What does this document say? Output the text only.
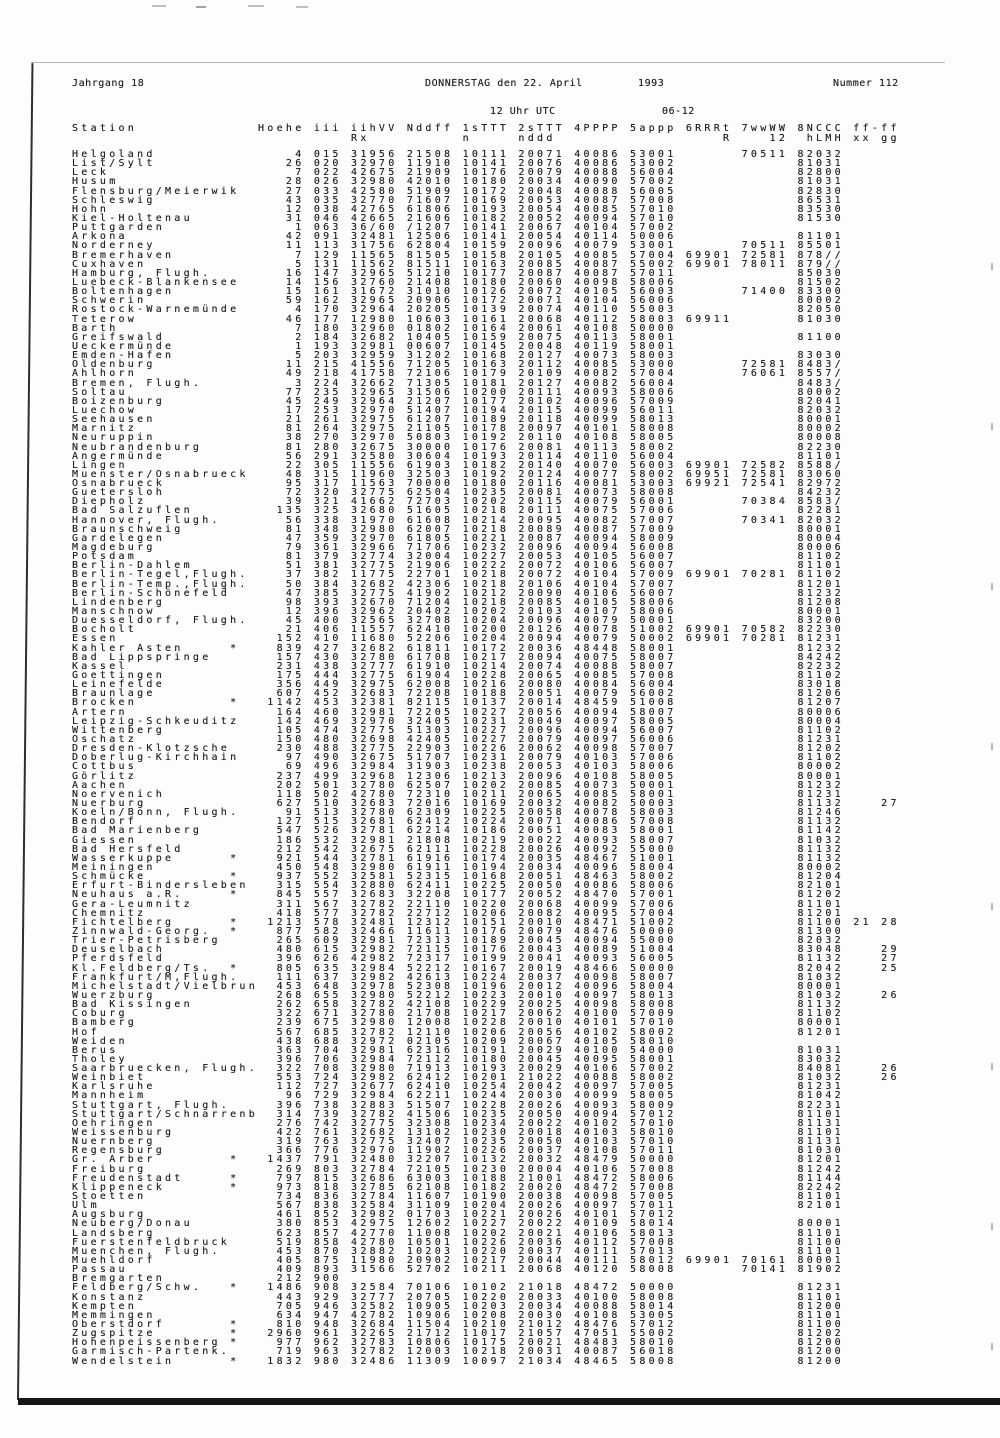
Jahrgang 18	DONNERSTAG den 22. April	1993	Nummer 112
12 Uhr UTC	06-12
Station             Hoehe iii iihVV Nddff 1sTTT 2sTTT 4PPPP 5appp 6RRRt 7wwWW 8NCCC ff-ff
Rx          n     nddd                  R    12  hLMH xx gg
Helgoland               4 015 31956 21508 10111 20071 40086 53001       70511 82032
List/Sylt              26 020 32970 11910 10141 20076 40086 53002             81031
Leck                    7 022 42675 21909 10176 20079 40088 56004             82800
Husum                  28 026 32980 42010 10180 20034 40090 57002             81031
Flensburg/Meierwik     27 033 42580 51909 10172 20048 40088 56005             82830
Schleswig              43 035 32770 71607 10169 20053 40087 57008             86531
Hohn                   12 038 42765 61806 10193 20054 40085 57010             83530
Kiel-Holtenau          31 046 42665 21606 10182 20052 40094 57010             81530
Puttgarden              1 063 36/60 /1207 10141 20067 40104 57002
Arkona                 42 091 32481 12506 10141 20054 40114 50006             81101
Norderney              11 113 31756 62804 10159 20096 40079 53001       70511 85501
Bremerhaven             7 129 11565 81505 10158 20105 40085 57004 69901 72581 878//
Cuxhaven                5 131 11562 81511 10163 20085 40087 55002 69901 78011 879//
Hamburg, Flugh.        16 147 32965 51210 10177 20087 40087 57011             85030
Luebeck-Blankensee     14 156 32760 21408 10180 20060 40098 58006             81502
Boltenhagen            15 161 31672 31010 10126 20072 40105 56003       71400 83300
Schwerin               59 162 32965 20906 10172 20071 40104 56006             80002
Rostock-Warnemünde      4 170 32964 20205 10139 20074 40110 55003             82050
Teterow                46 177 12980 10603 10161 20068 40112 58003 69911       81030
Barth                   7 180 32960 01802 10164 20061 40108 50000
Greifswald              2 184 32682 10405 10159 20075 40113 58001             81100
Ueckermünde             1 193 32981 00607 10145 20048 40119 58001
Emden-Hafen             5 203 32959 31202 10168 20127 40073 58003             83030
Oldenburg              11 215 41556 71205 10163 20112 40085 53000       72581 8483/
Ahlhorn                49 218 41758 72106 10179 20109 40082 57004       76061 8557/
Bremen, Flugh.          3 224 32662 71305 10181 20127 40082 56004             8483/
Soltau                 77 235 32965 31506 10200 20111 40093 58006             80002
Boizenburg             45 249 32964 21207 10177 20102 40096 57009             82041
Luechow                17 253 32970 51407 10194 20115 40099 56011             82032
Seehausen              21 261 32975 61207 10189 20118 40099 58013             80001
Marnitz                81 264 32975 21105 10178 20097 40101 58008             80002
Neuruppin              38 270 32970 50803 10192 20110 40108 58005             80008
Neubrandenburg         81 280 32675 30000 10176 20081 40113 58002             82230
Angermünde             56 291 32580 30604 10193 20114 40110 56004             81101
Lingen                 22 305 11556 61903 10182 20140 40070 56003 69901 72582 8588/
Muenster/Osnabrueck    48 315 11960 32503 10192 20124 40077 58002 69951 72581 83060
Osnabrueck             95 317 11563 70000 10180 20116 40081 53003 69921 72541 82972
Guetersloh             72 320 32775 62504 10235 20081 40073 58008             84232
Diepholz               39 321 41662 72703 10202 20115 40079 56001       70384 8583/
Bad Salzuflen         135 325 32680 51605 10218 20111 40075 57006             82281
Hannover, Flugh.       56 338 31970 61608 10214 20095 40082 57007       70341 82032
Braunschweig           81 348 32980 62007 10218 20089 40087 57009             80001
Gardelegen             47 359 32970 61805 10221 20087 40094 58009             80004
Magdeburg              79 361 32966 71706 10232 20096 40094 56008             80006
Potsdam                81 379 32774 32004 10227 20053 40105 56007             81102
Berlin-Dahlem          51 381 32775 21906 10222 20072 40106 56007             81101
Berlin-Tegel,Flugh.    37 382 11775 22701 10218 20072 40104 57009 69901 70281 81102
Berlin-Temp.,Flugh.    50 384 32682 42306 10218 20106 40104 57007             81201
Berlin-Schönefeld      47 385 32775 41902 10212 20090 40106 56007             81232
Lindenberg             98 393 32670 71204 10218 20085 40105 58006             81208
Manschnow              12 396 32962 20402 10202 20103 40107 58006             80001
Duesseldorf, Flugh.    45 400 32565 32708 10204 20096 40079 50001             83200
Bocholt                21 406 11557 62410 10200 20126 40078 51002 69901 70582 82230
Essen                 152 410 11680 52206 10204 20094 40079 50002 69901 70281 81231
Kahler Asten     *    839 427 32682 61811 10172 20036 48448 58001             81232
Bad Lippspringe       157 430 32780 61708 10217 20094 40075 58007             84242
Kassel                231 438 32777 61910 10214 20074 40088 58007             82232
Goettingen            175 444 32775 61904 10228 20065 40085 57008             81102
Leinefelde            356 449 32975 62008 10216 20080 40084 56004             83018
Braunlage             607 452 32683 72208 10188 20051 40079 56002             81206
Brocken          *   1142 453 32381 82115 10137 20014 48459 51008             81207
Artern                164 460 32981 72205 10227 20056 40094 58007             80006
Leipzig-Schkeuditz    142 469 32970 32405 10231 20049 40097 58005             80004
Wittenberg            105 474 32775 51303 10227 20096 40094 56007             81102
Oschatz               150 480 32698 42405 10227 20079 40097 56006             81231
Dresden-Klotzsche     230 488 32775 22903 10226 20062 40098 57007             81202
Doberlug-Kirchhain     97 490 32675 51707 10231 20079 40103 57006             81102
Cottbus                69 496 32984 31903 10238 20053 40103 58006             80002
Görlitz               237 499 32968 12306 10213 20096 40108 58005             80001
Aachen                202 501 32780 62507 10202 20085 40073 50001             81232
Noervenich            118 502 42780 72310 10211 20065 40085 58001             81231
Nuerburg              627 510 32683 72016 10169 20032 40082 50003             81132    27
Koeln/Bonn, Flugh.     91 513 32780 62309 10225 20058 40078 58003             81246
Bendorf               127 515 32681 62412 10224 20071 40086 57008             81132
Bad Marienberg        547 526 32781 62214 10186 20051 40083 58001             81142
Giessen               186 532 32981 21808 10219 20022 40093 58007             81032
Bad Hersfeld          212 542 32675 62111 10228 20026 40092 55000             81132
Wasserkuppe      *    921 544 32781 61916 10174 20035 48467 51001             81132
Meiningen             450 548 32980 61911 10194 20034 40096 58004             80002
Schmücke         *    937 552 32581 52315 10168 20051 48463 58002             81204
Erfurt-Bindersleben   315 554 32880 62411 10225 20050 40086 58006             82101
Neuhaus a.R.     *    845 557 32683 32208 10177 20052 48470 57001             81202
Gera-Leumnitz         311 567 32782 22110 10220 20068 40099 57006             81101
Chemnitz              418 577 32782 22712 10206 20082 40095 57004             81201
Fichtelberg      *   1213 578 32481 12312 10151 20010 48471 51002             81100 21 28
Zinnwald-Georg.  *    877 582 32466 11611 10176 20079 48476 50000             81300
Trier-Petrisberg      265 609 32981 72313 10189 20045 40094 55000             82032
Deuselbach            480 615 32982 72115 10176 20043 40089 51004             83048    29
Pferdsfeld            396 626 42982 72317 10199 20041 40093 56005             81132    27
Kl.Feldberg/Ts.  *    805 635 32984 52212 10167 20019 48466 50000             82042    25
Frankfurt/M,Flugh.    111 637 32982 42613 10224 20037 40098 58007             81032
Michelstadt/Vielbrun  453 648 32978 52308 10196 20012 40096 58004             80001
Wuerzburg             268 655 32980 52212 10223 20010 40097 58013             81032    26
Bad Kissingen         262 658 32782 42108 10229 20025 40098 58008             81132
Coburg                322 671 32780 21708 10217 20062 40100 57009             81102
Bamberg               239 675 32980 12008 10228 20010 40101 57010             80001
Hof                   567 685 32782 12110 10206 20056 40102 58002             81201
Weiden                438 688 32972 02105 10209 20067 40105 58010
Berus                 363 704 32981 62316 10191 20029 40100 54000             81031
Tholey                396 706 32984 72112 10180 20045 40095 58001             83032
Saarbruecken, Flugh.  322 708 32980 71913 10193 20029 40106 57002             84081    26
Weinbiet              553 724 32982 62412 10201 21022 40088 58002             81032    26
Karlsruhe             112 727 32677 62410 10254 20042 40097 57005             81231
Mannheim               96 729 32984 62211 10244 20030 40099 58005             81042
Stuttgart, Flugh.     396 738 32883 51507 10228 20026 40093 58009             82231
Stuttgart/Schnarrenb  314 739 32782 41506 10235 20050 40094 57012             81101
Oehringen             276 742 32775 32308 10234 20022 40102 57010             81131
Weissenburg           422 761 32682 13102 10230 20018 40103 58010             81101
Nuernberg             319 763 32775 32407 10235 20050 40103 57010             81131
Regensburg            366 776 32970 11902 10226 20037 40108 57011             81030
Gr. Arber        *   1437 791 32480 32207 10132 20032 48479 50000             81201
Freiburg              269 803 32784 72105 10230 20004 40106 57008             81242
Freudenstadt     *    797 815 32686 63003 10188 21001 48472 58006             81144
Klippeneck       *    973 818 32785 62108 10182 20020 48472 57008             82242
Stoetten              734 836 32784 11607 10190 20038 40098 57005             81101
Ulm                   567 838 32584 31109 10204 20026 40097 57011             82101
Augsburg              461 852 32982 01703 10221 20026 40101 57012
Neuberg/Donau         380 853 42975 12602 10227 20022 40109 58014             80001
Landsberg             623 857 42770 11008 10202 20021 40106 58013             81101
Fuerstenfeldbruck     519 858 42780 10501 10226 20036 40112 57008             81100
Muenchen, Flugh.      453 870 32882 10203 10220 20037 40111 57013             81101
Muehldorf             405 875 11980 20902 10217 20044 40111 58012 69901 70161 80001
Passau                409 893 31566 52702 10211 20068 40120 58008       70141 81902
Bremgarten            212 900
Feldberg/Schw.   *   1486 908 32584 70106 10102 21018 48472 50000             81231
Konstanz              443 929 32777 20705 10220 20033 40100 58008             81101
Kempten               705 946 32582 10905 10203 20034 40088 58014             81200
Memmingen             634 947 42782 10906 10208 20030 40108 53005             81101
Oberstdorf       *    810 948 32684 11504 10210 21012 48476 57012             81100
Zugspitze        *   2960 961 32265 21712 11017 21057 47051 55002             81202
Hohenpeissenberg *    977 962 32783 10806 10175 20021 48483 58010             81200
Garmisch-Partenk.     719 963 32782 12003 10218 20031 40087 56018             81200
Wendelstein      *   1832 980 32486 11309 10097 21034 48465 58008             81200
